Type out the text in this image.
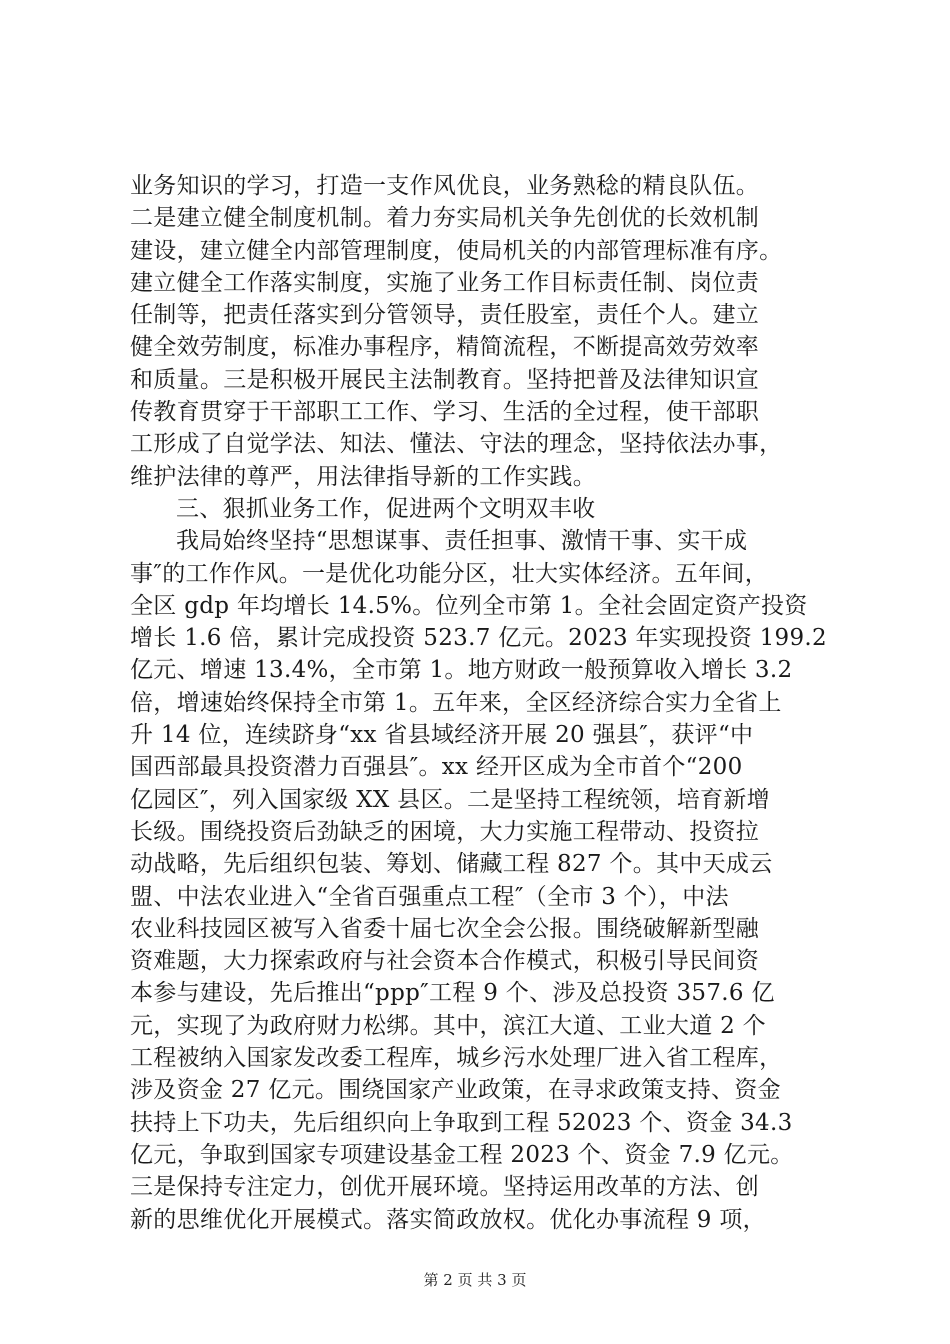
业务知识的学习，打造一支作风优良，业务熟稔的精良队伍。
二是建立健全制度机制。着力夯实局机关争先创优的长效机制
建设，建立健全内部管理制度，使局机关的内部管理标准有序。
建立健全工作落实制度，实施了业务工作目标责任制、岗位责
任制等，把责任落实到分管领导，责任股室，责任个人。建立
健全效劳制度，标准办事程序，精简流程，不断提高效劳效率
和质量。三是积极开展民主法制教育。坚持把普及法律知识宣
传教育贯穿于干部职工工作、学习、生活的全过程，使干部职
工形成了自觉学法、知法、懂法、守法的理念，坚持依法办事，
维护法律的尊严，用法律指导新的工作实践。
三、狠抓业务工作，促进两个文明双丰收
我局始终坚持“思想谋事、责任担事、激情干事、实干成
事″的工作作风。一是优化功能分区，壮大实体经济。五年间，
全区 gdp 年均增长 14.5%。位列全市第 1。全社会固定资产投资
增长 1.6 倍，累计完成投资 523.7 亿元。2023 年实现投资 199.2
亿元、增速 13.4%，全市第 1。地方财政一般预算收入增长 3.2
倍，增速始终保持全市第 1。五年来，全区经济综合实力全省上
升 14 位，连续跻身“xx 省县域经济开展 20 强县″，获评“中
国西部最具投资潜力百强县″。xx 经开区成为全市首个“200
亿园区″，列入国家级 XX 县区。二是坚持工程统领，培育新增
长级。围绕投资后劲缺乏的困境，大力实施工程带动、投资拉
动战略，先后组织包装、筹划、储藏工程 827 个。其中天成云
盟、中法农业进入“全省百强重点工程″（全市 3 个），中法
农业科技园区被写入省委十届七次全会公报。围绕破解新型融
资难题，大力探索政府与社会资本合作模式，积极引导民间资
本参与建设，先后推出“ppp″工程 9 个、涉及总投资 357.6 亿
元，实现了为政府财力松绑。其中，滨江大道、工业大道 2 个
工程被纳入国家发改委工程库，城乡污水处理厂进入省工程库，
涉及资金 27 亿元。围绕国家产业政策，在寻求政策支持、资金
扶持上下功夫，先后组织向上争取到工程 52023 个、资金 34.3
亿元，争取到国家专项建设基金工程 2023 个、资金 7.9 亿元。
三是保持专注定力，创优开展环境。坚持运用改革的方法、创
新的思维优化开展模式。落实简政放权。优化办事流程 9 项，
第 2 页 共 3 页
